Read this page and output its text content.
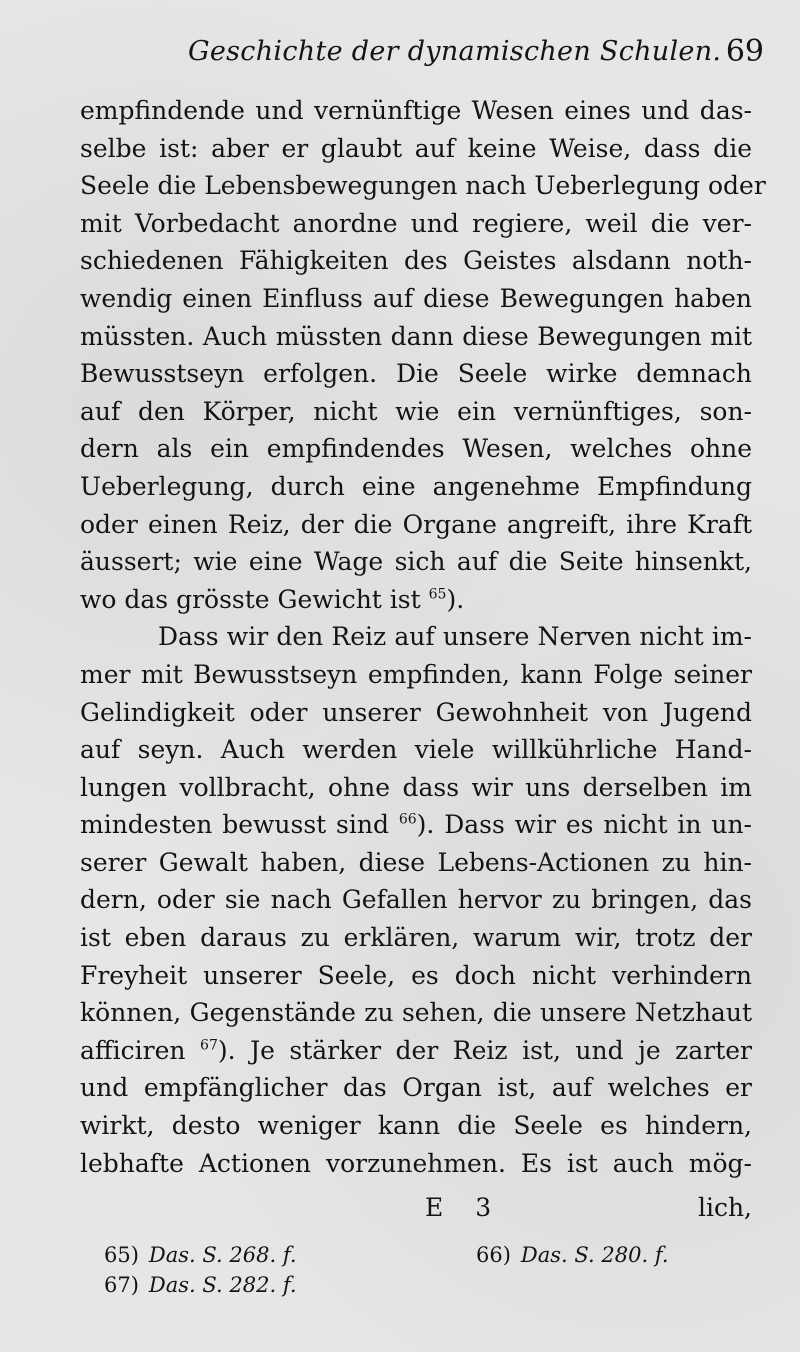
Geschichte der dynamischen Schulen. 69
empfindende und vernünftige Wesen eines und das-
selbe ist: aber er glaubt auf keine Weise, dass die
Seele die Lebensbewegungen nach Ueberlegung oder
mit Vorbedacht anordne und regiere, weil die ver-
schiedenen Fähigkeiten des Geistes alsdann noth-
wendig einen Einfluss auf diese Bewegungen haben
müssten. Auch müssten dann diese Bewegungen mit
Bewusstseyn erfolgen. Die Seele wirke demnach
auf den Körper, nicht wie ein vernünftiges, son-
dern als ein empfindendes Wesen, welches ohne
Ueberlegung, durch eine angenehme Empfindung
oder einen Reiz, der die Organe angreift, ihre Kraft
äussert; wie eine Wage sich auf die Seite hinsenkt,
wo das grösste Gewicht ist $^{65}$).
Dass wir den Reiz auf unsere Nerven nicht im-
mer mit Bewusstseyn empfinden, kann Folge seiner
Gelindigkeit oder unserer Gewohnheit von Jugend
auf seyn. Auch werden viele willkührliche Hand-
lungen vollbracht, ohne dass wir uns derselben im
mindesten bewusst sind $^{66}$). Dass wir es nicht in un-
serer Gewalt haben, diese Lebens-Actionen zu hin-
dern, oder sie nach Gefallen hervor zu bringen, das
ist eben daraus zu erklären, warum wir, trotz der
Freyheit unserer Seele, es doch nicht verhindern
können, Gegenstände zu sehen, die unsere Netzhaut
afficiren $^{67}$). Je stärker der Reiz ist, und je zarter
und empfänglicher das Organ ist, auf welches er
wirkt, desto weniger kann die Seele es hindern,
lebhafte Actionen vorzunehmen. Es ist auch mög-
E 3	lich,
65) Das. S. 268. f.	66) Das. S. 280. f.
67) Das. S. 282. f.
